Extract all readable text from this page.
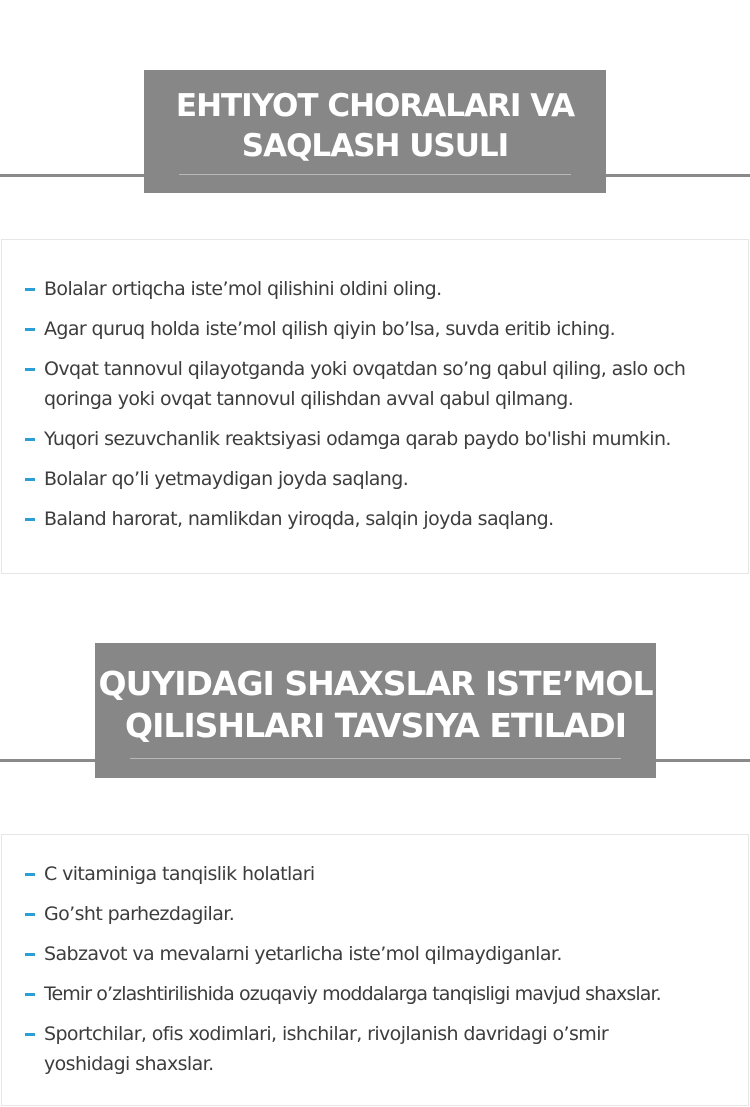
EHTIYOT CHORALARI VA
SAQLASH USULI
Bolalar ortiqcha iste’mol qilishini oldini oling.
Agar quruq holda iste’mol qilish qiyin bo’lsa, suvda eritib iching.
Ovqat tannovul qilayotganda yoki ovqatdan so’ng qabul qiling, aslo och qoringa yoki ovqat tannovul qilishdan avval qabul qilmang.
Yuqori sezuvchanlik reaktsiyasi odamga qarab paydo bo'lishi mumkin.
Bolalar qo’li yetmaydigan joyda saqlang.
Baland harorat, namlikdan yiroqda, salqin joyda saqlang.
QUYIDAGI SHAXSLAR ISTE’MOL
QILISHLARI TAVSIYA ETILADI
C vitaminiga tanqislik holatlari
Go’sht parhezdagilar.
Sabzavot va mevalarni yetarlicha iste’mol qilmaydiganlar.
Temir o’zlashtirilishida ozuqaviy moddalarga tanqisligi mavjud shaxslar.
Sportchilar, ofis xodimlari, ishchilar, rivojlanish davridagi o’smir yoshidagi shaxslar.
